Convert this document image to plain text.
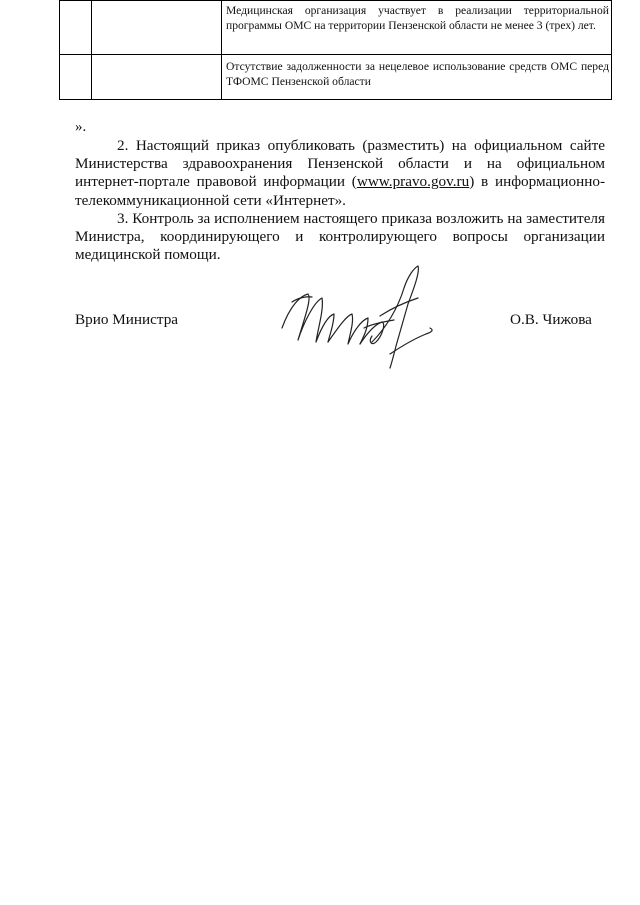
		Медицинская организация участвует в реализации территориальной программы ОМС на территории Пензенской области не менее 3 (трех) лет.
		Отсутствие задолженности за нецелевое использование средств ОМС перед ТФОМС Пензенской области
».

2. Настоящий приказ опубликовать (разместить) на официальном сайте Министерства здравоохранения Пензенской области и на официальном интернет-портале правовой информации (www.pravo.gov.ru) в информационно-телекоммуникационной сети «Интернет».

3. Контроль за исполнением настоящего приказа возложить на заместителя Министра, координирующего и контролирующего вопросы организации медицинской помощи.

Врио Министра	О.В. Чижова
